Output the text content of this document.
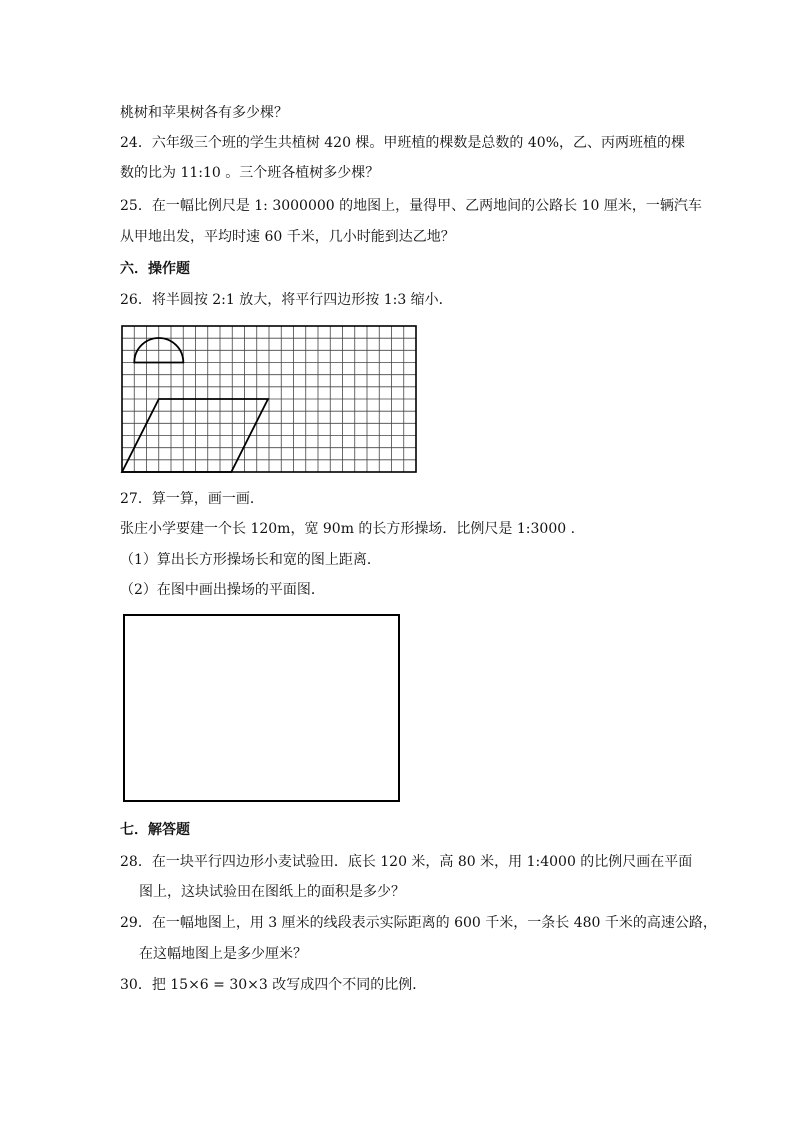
桃树和苹果树各有多少棵？
24．六年级三个班的学生共植树 420 棵。甲班植的棵数是总数的 40%，乙、丙两班植的棵
数的比为 11:10 。三个班各植树多少棵？
25．在一幅比例尺是 1: 3000000 的地图上，量得甲、乙两地间的公路长 10 厘米，一辆汽车
从甲地出发，平均时速 60 千米，几小时能到达乙地？
六．操作题
26．将半圆按 2:1 放大，将平行四边形按 1:3 缩小．
27．算一算，画一画．
张庄小学要建一个长 120m，宽 90m 的长方形操场．比例尺是 1:3000 .
（1）算出长方形操场长和宽的图上距离．
（2）在图中画出操场的平面图．
七．解答题
28．在一块平行四边形小麦试验田．底长 120 米，高 80 米，用 1:4000 的比例尺画在平面
图上，这块试验田在图纸上的面积是多少？
29．在一幅地图上，用 3 厘米的线段表示实际距离的 600 千米，一条长 480 千米的高速公路，
在这幅地图上是多少厘米？
30．把 15×6 = 30×3 改写成四个不同的比例．
